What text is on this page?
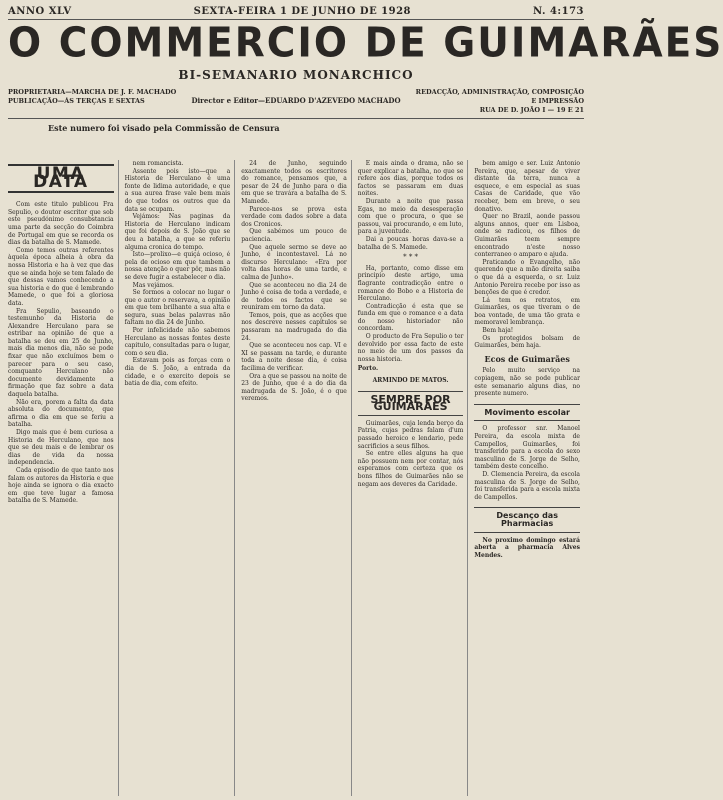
ANNO XLV	SEXTA-FEIRA 1 DE JUNHO DE 1928	N. 4:173
O COMMERCIO DE GUIMARÃES
BI-SEMANARIO MONARCHICO
PROPRIETARIA—MARCHA DE J. F. MACHADO
PUBLICAÇÃO—ÁS TERÇAS E SEXTAS	Director e Editor—EDUARDO D'AZEVEDO MACHADO
REDACÇÃO, ADMINISTRAÇÃO, COMPOSIÇÃO
E IMPRESSÃO
RUA DE D. JOÃO I — 19 E 21
Este numero foi visado pela Commissão de Censura
UMA DATA

Com este titulo publicou Fra Sepulio, o doutor escritor que sob este pseudónimo consubstancia uma parte da secção do Coimbra de Portugal em que se recorda os dias da batalha de S. Mamede.

Como temos outras referentes àquela época alheia à obra da nossa Historia e ha à vez que das que se ainda hoje se tem falado de que dessas vamos conhecendo a sua historia e do que é lembrando Mamede, o que foi a gloriosa data.

Fra Sepulio, baseando o testemunho da Historia de Alexandre Herculano para se estribar na opinião de que a batalha se deu em 25 de Junho, mais dia menos dia, não se pode fixar que não excluímos bem o parecer para o seu caso, comquanto Herculano não documente devidamente a firmação que faz sobre a data daquela batalha.

Não era, porem a falta da data absoluta do documento, que afirma o dia em que se feriu a batalha.

Digo mais que é bem curiosa a Historia de Herculano, que nos que se deu mais e de lembrar os dias de vida da nossa independencia.

Cada episodio de que tanto nos falam os autores da Historia e que hoje ainda se ignora o dia exacto em que teve lugar a famosa batalha de S. Mamede.

nem romancista.

Assente pois isto—que a Historia de Herculano é uma fonte de lidima autoridade, e que a sua aurea frase vale bem mais do que todos os outros que da data se ocupam.

Vejámos: Nas paginas da Historia de Herculano indicam que foi depois de S. João que se deu a batalha, a que se referiu alguma cronica do tempo.

Isto—prolixo—e quiçá ocioso, é pela de ocioso em que tambem a nossa atenção o quer pôr, mas não se deve fugir a estabelecer o dia.

Mas vejámos.

Se formos a colocar no lugar o que o autor o reservava, a opinião em que tem brilhante a sua alta e segura, suas belas palavras não faltam no dia 24 de Junho.

Por infelicidade não sabemos Herculano as nossas fontes deste capitulo, consultadas para o lugar, com o seu dia.

Estavam pois as forças com o dia de S. João, a entrada da cidade, e o exercito depois se batia de dia, com efeito.

24 de Junho, seguindo exactamente todos os escritores do romance, pensamos que, a pesar de 24 de Junho para o dia em que se travára a batalha de S. Mamede.

Parece-nos se prova esta verdade com dados sobre a data dos Cronicos.

Que sabémos um pouco de paciencia.

Que aquele sermo se deve ao Junho, é incontestavel. Lá no discurso Herculano: «Era por volta das horas de uma tarde, e calma de Junho».

Que se aconteceu no dia 24 de Junho é coisa de toda a verdade, e de todos os factos que se reuniram em torno da data.

Temos, pois, que as acções que nos descreve nesses capitulos se passaram na madrugada do dia 24.

Que se aconteceu nos cap. VI e XI se passam na tarde, e durante toda a noite desse dia, é coisa facilima de verificar.

Ora a que se passou na noite de 23 de Junho, que é a do dia da madrugada de S. João, é o que veremos.

E mais ainda o drama, não se quer explicar a batalha, no que se refere aos dias, porque todos os factos se passaram em duas noites.

Durante a noite que passa Egas, no meio da desesperação com que o procura, o que se passou, vai procurando, e em luto, para a juventude.

Dai a poucas horas dava-se a batalha de S. Mamede.

* * *

Ha, portanto, como disse em principio deste artigo, uma flagrante contradicção entre o romance do Bobo e a Historia de Herculano.

Contradicção é esta que se funda em que o romance e a data do nosso historiador não concordam.

O producto de Fra Sepulio o ter devolvido por essa facto de este no meio de um dos passos da nossa historia.

Porto.
ARMINDO DE MATOS.
SEMPRE POR GUIMARÃES

Guimarães, cuja lenda berço da Patria, cujas pedras falam d'um passado heroico e lendario, pede sacrificios a seus filhos.

Se entre elles alguns ha que não possuem nem por contar, nós esperamos com certeza que os bons filhos de Guimarães não se negam aos deveres da Caridade.

bem amigo e ser. Luiz Antonio Pereira, que, apesar de viver distante da terra, nunca a esquece, e em especial as suas Casas de Caridade, que vão receber, bem em breve, o seu donativo.

Quer no Brazil, aonde passou alguns annos, quer em Lisboa, onde se radicou, os filhos de Guimarães teem sempre encontrado n'este nosso conterraneo o amparo e ajuda.

Praticando o Evangelho, não querendo que a mão direita saiba o que dá a esquerda, o sr. Luiz Antonio Pereira recebe por isso as benções de que é credor.

Lá tem os retratos, em Guimarães, os que tiveram o de boa vontade, de uma tão grata e memoravel lembrança.

Bem haja!

Os protegidos bolsam de Guimarães, bem haja.

Ecos de Guimarães

Pelo muito serviço na copiagem, não se pode publicar este semanario alguns dias, no presente numero.

Movimento escolar

O professor snr. Manoel Pereira, da escola mixta de Campellos, Guimarães, foi transferido para a escola do sexo masculino de S. Jorge de Selho, também deste concelho.

D. Clemencia Pereira, da escola masculina de S. Jorge de Selho, foi transferida para a escola mixta de Campellos.

Descanço das Pharmacias

No proximo domingo estará aberta a pharmacia Alves Mendes.
